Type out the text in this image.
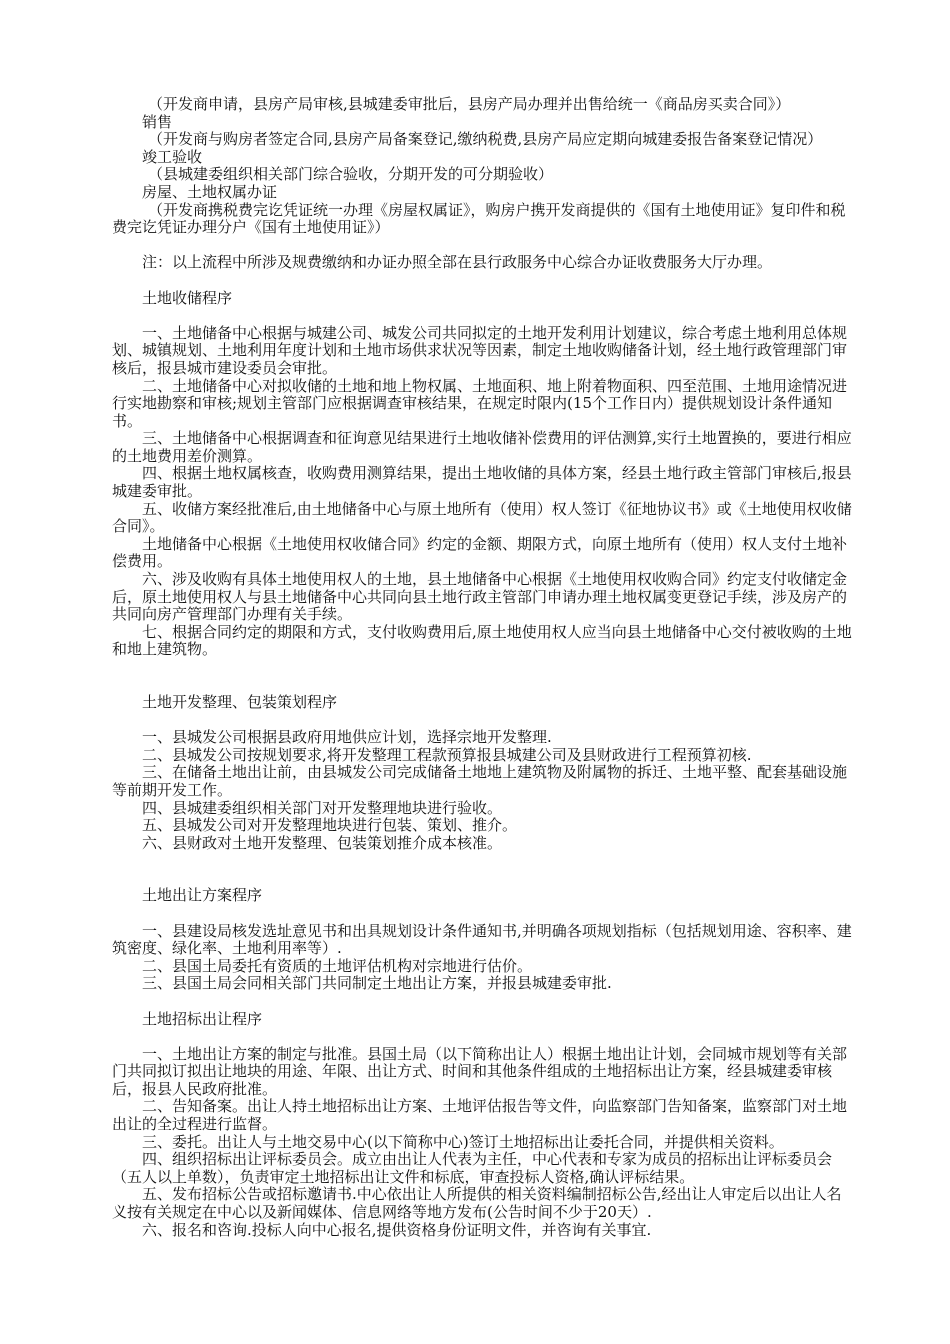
（开发商申请，县房产局审核,县城建委审批后，县房产局办理并出售给统一《商品房买卖合同》）
销售
（开发商与购房者签定合同,县房产局备案登记,缴纳税费,县房产局应定期向城建委报告备案登记情况）
竣工验收
（县城建委组织相关部门综合验收，分期开发的可分期验收）
房屋、土地权属办证
（开发商携税费完讫凭证统一办理《房屋权属证》，购房户携开发商提供的《国有土地使用证》复印件和税费完讫凭证办理分户《国有土地使用证》）
注：以上流程中所涉及规费缴纳和办证办照全部在县行政服务中心综合办证收费服务大厅办理。
土地收储程序
一、土地储备中心根据与城建公司、城发公司共同拟定的土地开发利用计划建议，综合考虑土地利用总体规划、城镇规划、土地利用年度计划和土地市场供求状况等因素，制定土地收购储备计划，经土地行政管理部门审核后，报县城市建设委员会审批。
二、土地储备中心对拟收储的土地和地上物权属、土地面积、地上附着物面积、四至范围、土地用途情况进行实地勘察和审核;规划主管部门应根据调查审核结果，在规定时限内(15个工作日内）提供规划设计条件通知书。
三、土地储备中心根据调查和征询意见结果进行土地收储补偿费用的评估测算,实行土地置换的，要进行相应的土地费用差价测算。
四、根据土地权属核查，收购费用测算结果，提出土地收储的具体方案，经县土地行政主管部门审核后,报县城建委审批。
五、收储方案经批准后,由土地储备中心与原土地所有（使用）权人签订《征地协议书》或《土地使用权收储合同》。
土地储备中心根据《土地使用权收储合同》约定的金额、期限方式，向原土地所有（使用）权人支付土地补偿费用。
六、涉及收购有具体土地使用权人的土地，县土地储备中心根据《土地使用权收购合同》约定支付收储定金后，原土地使用权人与县土地储备中心共同向县土地行政主管部门申请办理土地权属变更登记手续，涉及房产的共同向房产管理部门办理有关手续。
七、根据合同约定的期限和方式，支付收购费用后,原土地使用权人应当向县土地储备中心交付被收购的土地和地上建筑物。
土地开发整理、包装策划程序
一、县城发公司根据县政府用地供应计划，选择宗地开发整理.
二、县城发公司按规划要求,将开发整理工程款预算报县城建公司及县财政进行工程预算初核.
三、在储备土地出让前，由县城发公司完成储备土地地上建筑物及附属物的拆迁、土地平整、配套基础设施等前期开发工作。
四、县城建委组织相关部门对开发整理地块进行验收。
五、县城发公司对开发整理地块进行包装、策划、推介。
六、县财政对土地开发整理、包装策划推介成本核准。
土地出让方案程序
一、县建设局核发选址意见书和出具规划设计条件通知书,并明确各项规划指标（包括规划用途、容积率、建筑密度、绿化率、土地利用率等）.
二、县国土局委托有资质的土地评估机构对宗地进行估价。
三、县国土局会同相关部门共同制定土地出让方案，并报县城建委审批.
土地招标出让程序
一、土地出让方案的制定与批准。县国土局（以下简称出让人）根据土地出让计划，会同城市规划等有关部门共同拟订拟出让地块的用途、年限、出让方式、时间和其他条件组成的土地招标出让方案，经县城建委审核后，报县人民政府批准。
二、告知备案。出让人持土地招标出让方案、土地评估报告等文件，向监察部门告知备案，监察部门对土地出让的全过程进行监督。
三、委托。出让人与土地交易中心(以下简称中心)签订土地招标出让委托合同，并提供相关资料。
四、组织招标出让评标委员会。成立由出让人代表为主任，中心代表和专家为成员的招标出让评标委员会（五人以上单数），负责审定土地招标出让文件和标底，审查投标人资格,确认评标结果。
五、发布招标公告或招标邀请书.中心依出让人所提供的相关资料编制招标公告,经出让人审定后以出让人名义按有关规定在中心以及新闻媒体、信息网络等地方发布(公告时间不少于20天）.
六、报名和咨询.投标人向中心报名,提供资格身份证明文件，并咨询有关事宜.
